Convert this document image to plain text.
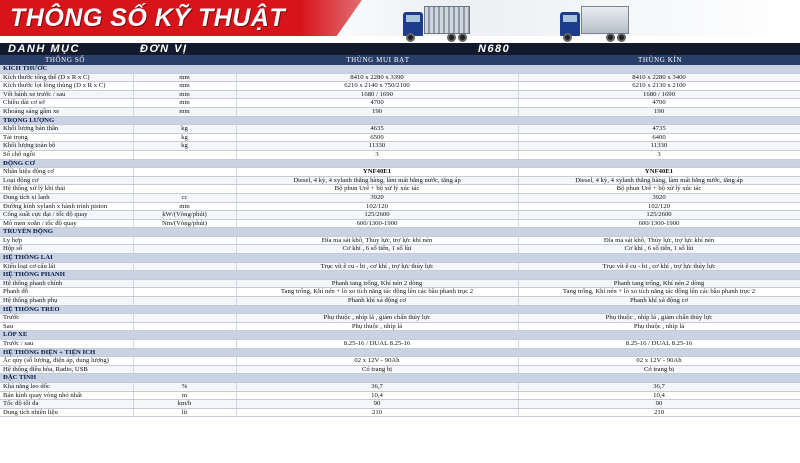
THÔNG SỐ KỸ THUẬT
DANH MỤC	ĐƠN VỊ	N680
THÔNG SỐ	THÙNG MUI BẠT	THÙNG KÍN
KÍCH THƯỚC			
Kích thước tổng thể (D x R x C)	mm	8410 x 2280 x 3390	8410 x 2280 x 3400
Kích thước lọt lòng thùng (D x R x C)	mm	6210 x 2140 x 750/2100	6210 x 2130 x 2100
Vết bánh xe trước / sau	mm	1680 / 1690	1680 / 1690
Chiều dài cơ sở	mm	4700	4700
Khoảng sáng gầm xe	mm	190	190
TRỌNG LƯỢNG			
Khối lượng bản thân	kg	4635	4735
Tải trọng	kg	6500	6400
Khối lượng toàn bộ	kg	11330	11330
Số chỗ ngồi		3	3
ĐỘNG CƠ			
Nhãn hiệu động cơ		YNF40E1	YNF40E1
Loại động cơ		Diesel, 4 kỳ, 4 xylanh thẳng hàng, làm mát bằng nước, tăng áp	Diesel, 4 kỳ, 4 xylanh thẳng hàng, làm mát bằng nước, tăng áp
Hệ thống xử lý khí thải		Bộ phun Urê + bộ xử lý xúc tác	Bộ phun Urê + bộ xử lý xúc tác
Dung tích xi lanh	cc	3920	3920
Đường kính xylanh x hành trình piston	mm	102/120	102/120
Công suất cực đại / tốc độ quay	kW/(Vòng/phút)	125/2600	125/2600
Mô men xoắn / tốc độ quay	Nm/(Vòng/phút)	600/1300-1900	600/1300-1900
TRUYỀN ĐỘNG			
Ly hợp		Đĩa ma sát khô, Thủy lực, trợ lực khí nén	Đĩa ma sát khô, Thủy lực, trợ lực khí nén
Hộp số		Cơ khí , 6 số tiến, 1 số lùi	Cơ khí , 6 số tiến, 1 số lùi
HỆ THỐNG LÁI			
Kiểu loại cơ cấu lái		Trục vít ê cu - bi , cơ khí , trợ lực thủy lực	Trục vít ê cu - bi , cơ khí , trợ lực thủy lực
HỆ THỐNG PHANH			
Hệ thống phanh chính		Phanh tang trống, Khí nén 2 dòng	Phanh tang trống, Khí nén 2 dòng
Phanh đỗ		Tang trống, Khí nén + lò xo tích năng tác động lên các bầu phanh trục 2	Tang trống, Khí nén + lò xo tích năng tác động lên các bầu phanh trục 2
Hệ thống phanh phụ		Phanh khí xả động cơ	Phanh khí xả động cơ
HỆ THỐNG TREO			
Trước		Phụ thuộc , nhíp lá , giảm chấn thủy lực	Phụ thuộc , nhíp lá , giảm chấn thủy lực
Sau		Phụ thuộc , nhíp lá	Phụ thuộc , nhíp lá
LỐP XE			
Trước / sau		8.25-16 / DUAL 8.25-16	8.25-16 / DUAL 8.25-16
HỆ THỐNG ĐIỆN + TIỆN ÍCH			
Ắc quy (số lượng, điện áp, dung lượng)		02 x 12V - 90Ah	02 x 12V - 90Ah
Hệ thống điều hòa, Radio, USB		Có trang bị	Có trang bị
ĐẶC TÍNH			
Khả năng leo dốc	%	36,7	36,7
Bán kính quay vòng nhỏ nhất	m	10,4	10,4
Tốc độ tối đa	km/h	90	90
Dung tích nhiên liệu	lít	210	210
